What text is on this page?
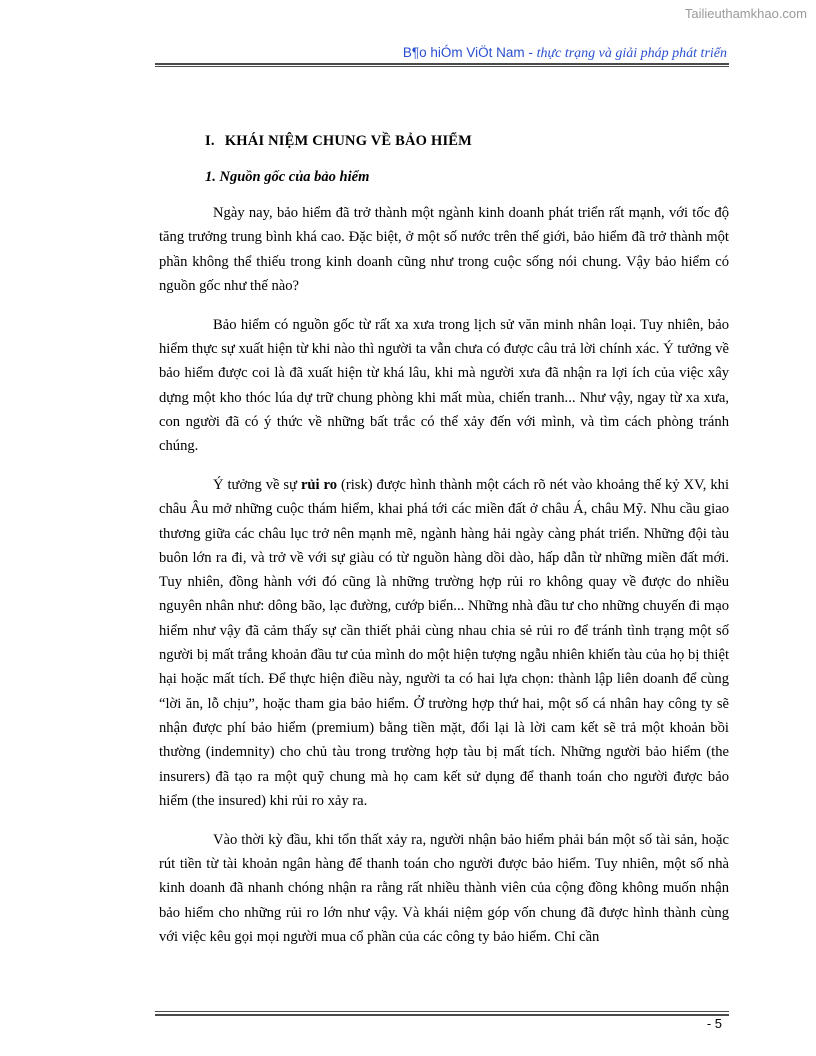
Tailieuthamkhao.com
B¶o hiÓm ViÖt Nam - thực trạng và giải pháp phát triển
I. KHÁI NIỆM CHUNG VỀ BẢO HIỂM
1. Nguồn gốc của bảo hiểm

Ngày nay, bảo hiểm đã trở thành một ngành kinh doanh phát triển rất mạnh, với tốc độ tăng trưởng trung bình khá cao. Đặc biệt, ở một số nước trên thế giới, bảo hiểm đã trở thành một phần không thể thiếu trong kinh doanh cũng như trong cuộc sống nói chung. Vậy bảo hiểm có nguồn gốc như thế nào?

Bảo hiểm có nguồn gốc từ rất xa xưa trong lịch sử văn minh nhân loại. Tuy nhiên, bảo hiểm thực sự xuất hiện từ khi nào thì người ta vẫn chưa có được câu trả lời chính xác. Ý tưởng về bảo hiểm được coi là đã xuất hiện từ khá lâu, khi mà người xưa đã nhận ra lợi ích của việc xây dựng một kho thóc lúa dự trữ chung phòng khi mất mùa, chiến tranh... Như vậy, ngay từ xa xưa, con người đã có ý thức về những bất trắc có thể xảy đến với mình, và tìm cách phòng tránh chúng.

Ý tưởng về sự rủi ro (risk) được hình thành một cách rõ nét vào khoảng thế kỷ XV, khi châu Âu mở những cuộc thám hiểm, khai phá tới các miền đất ở châu Á, châu Mỹ. Nhu cầu giao thương giữa các châu lục trở nên mạnh mẽ, ngành hàng hải ngày càng phát triển. Những đội tàu buôn lớn ra đi, và trở về với sự giàu có từ nguồn hàng dồi dào, hấp dẫn từ những miền đất mới. Tuy nhiên, đồng hành với đó cũng là những trường hợp rủi ro không quay về được do nhiều nguyên nhân như: dông bão, lạc đường, cướp biển... Những nhà đầu tư cho những chuyến đi mạo hiểm như vậy đã cảm thấy sự cần thiết phải cùng nhau chia sẻ rủi ro để tránh tình trạng một số người bị mất trắng khoản đầu tư của mình do một hiện tượng ngẫu nhiên khiến tàu của họ bị thiệt hại hoặc mất tích. Để thực hiện điều này, người ta có hai lựa chọn: thành lập liên doanh để cùng “lời ăn, lỗ chịu”, hoặc tham gia bảo hiểm. Ở trường hợp thứ hai, một số cá nhân hay công ty sẽ nhận được phí bảo hiểm (premium) bằng tiền mặt, đổi lại là lời cam kết sẽ trả một khoản bồi thường (indemnity) cho chủ tàu trong trường hợp tàu bị mất tích. Những người bảo hiểm (the insurers) đã tạo ra một quỹ chung mà họ cam kết sử dụng để thanh toán cho người được bảo hiểm (the insured) khi rủi ro xảy ra.

Vào thời kỳ đầu, khi tổn thất xảy ra, người nhận bảo hiểm phải bán một số tài sản, hoặc rút tiền từ tài khoản ngân hàng để thanh toán cho người được bảo hiểm. Tuy nhiên, một số nhà kinh doanh đã nhanh chóng nhận ra rằng rất nhiều thành viên của cộng đồng không muốn nhận bảo hiểm cho những rủi ro lớn như vậy. Và khái niệm góp vốn chung đã được hình thành cùng với việc kêu gọi mọi người mua cổ phần của các công ty bảo hiểm. Chỉ cần

- 5
